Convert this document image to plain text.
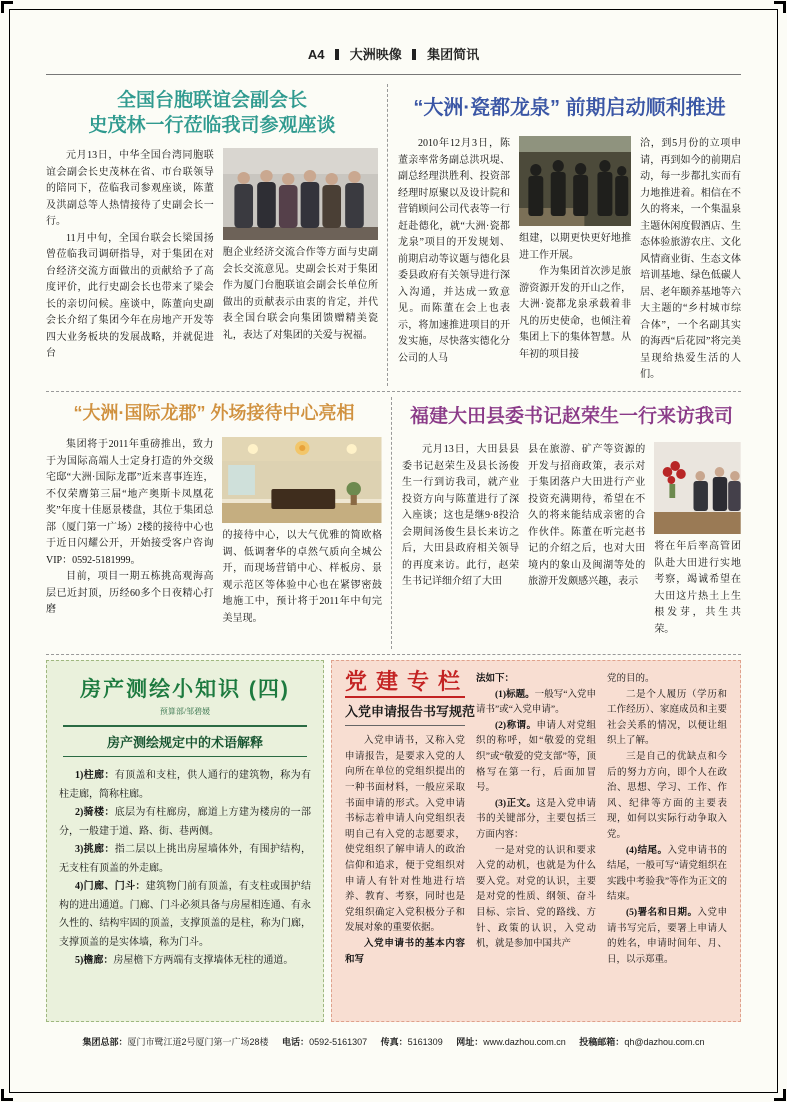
A4 大洲映像 集团简讯
全国台胞联谊会副会长
史茂林一行莅临我司参观座谈

元月13日，中华全国台湾同胞联谊会副会长史茂林在省、市台联领导的陪同下，莅临我司参观座谈，陈董及洪副总等人热情接待了史副会长一行。

11月中旬，全国台联会长梁国扬曾莅临我司调研指导，对于集团在对台经济交流方面做出的贡献给予了高度评价，此行史副会长也带来了梁会长的亲切问候。座谈中，陈董向史副会长介绍了集团今年在房地产开发等四大业务板块的发展战略，并就促进台

胞企业经济交流合作等方面与史副会长交流意见。史副会长对于集团作为厦门台胞联谊会副会长单位所做出的贡献表示由衷的肯定，并代表全国台联会向集团馈赠精美瓷礼，表达了对集团的关爱与祝福。

“大洲·瓷都龙泉” 前期启动顺利推进

2010年12月3日，陈董亲率常务副总洪巩堤、副总经理洪胜利、投资部经理时原聚以及设计院和营销顾问公司代表等一行赶赴德化，就“大洲·瓷都龙泉”项目的开发规划、前期启动等议题与德化县委县政府有关领导进行深入沟通，并达成一致意见。而陈董在会上也表示，将加速推进项目的开发实施，尽快落实德化分公司的人马

组建，以期更快更好地推进工作开展。

作为集团首次涉足旅游资源开发的开山之作，大洲·瓷都龙泉承载着非凡的历史使命，也倾注着集团上下的集体智慧。从年初的项目接

洽，到5月份的立项申请，再到如今的前期启动，每一步都扎实而有力地推进着。相信在不久的将来，一个集温泉主题休闲度假酒店、生态体验旅游农庄、文化风情商业街、生态文体培训基地、绿色低碳人居、老年颐养基地等六大主题的“乡村城市综合体”，一个名副其实的海西“后花园”将完美呈现给热爱生活的人们。

“大洲·国际龙郡” 外场接待中心亮相

集团将于2011年重磅推出，致力于为国际高端人士定身打造的外交级宅邸“大洲·国际龙郡”近来喜事连连，不仅荣膺第三届“地产奥斯卡凤凰花奖”年度十佳愿景楼盘，其位于集团总部（厦门第一广场）2楼的接待中心也于近日闪耀公开，开始接受客户咨询VIP：0592-5181999。

目前，项目一期五栋挑高观海高层已近封顶，历经60多个日夜精心打磨

的接待中心，以大气优雅的简欧格调、低调奢华的卓然气质向全城公开，而现场营销中心、样板房、景观示范区等体验中心也在紧锣密鼓地施工中，预计将于2011年中旬完美呈现。

福建大田县委书记赵荣生一行来访我司

元月13日，大田县县委书记赵荣生及县长汤俊生一行到访我司，就产业投资方向与陈董进行了深入座谈；这也是继9·8投洽会期间汤俊生县长来访之后，大田县政府相关领导的再度来访。此行，赵荣生书记详细介绍了大田

县在旅游、矿产等资源的开发与招商政策，表示对于集团落户大田进行产业投资充满期待，希望在不久的将来能结成亲密的合作伙伴。陈董在听完赵书记的介绍之后，也对大田境内的象山及闽湖等处的旅游开发颇感兴趣，表示

将在年后率高管团队赴大田进行实地考察，竭诚希望在大田这片热土上生根发芽，共生共荣。

房产测绘小知识 (四)
预算部/邹碧媛
房产测绘规定中的术语解释

1)柱廊：有顶盖和支柱，供人通行的建筑物，称为有柱走廊，简称柱廊。

2)骑楼：底层为有柱廊房，廊道上方建为楼房的一部分，一般建于道、路、街、巷两侧。

3)挑廊：指二层以上挑出房屋墙体外，有围护结构，无支柱有顶盖的外走廊。

4)门廊、门斗：建筑物门前有顶盖，有支柱或围护结构的进出通道。门廊、门斗必须具备与房屋相连通、有永久性的、结构牢固的顶盖，支撑顶盖的是柱，称为门廊，支撑顶盖的是实体墙，称为门斗。

5)檐廊：房屋檐下方两端有支撑墙体无柱的通道。

党建专栏
入党申请报告书写规范

入党申请书，又称入党申请报告，是要求入党的人向所在单位的党组织提出的一种书面材料，一般应采取书面申请的形式。入党申请书标志着申请人向党组织表明自己有入党的志愿要求，使党组织了解申请人的政治信仰和追求，便于党组织对申请人有针对性地进行培养、教育、考察，同时也是党组织确定入党积极分子和发展对象的重要依据。

入党申请书的基本内容和写

法如下：

(1)标题。一般写“入党申请书”或“入党申请”。

(2)称谓。申请人对党组织的称呼，如“敬爱的党组织”或“敬爱的党支部”等，顶格写在第一行，后面加冒号。

(3)正文。这是入党申请书的关键部分，主要包括三方面内容：

一是对党的认识和要求入党的动机，也就是为什么要入党。对党的认识，主要是对党的性质、纲领、奋斗目标、宗旨、党的路线、方针、政策的认识，入党动机，就是参加中国共产

党的目的。

二是个人履历（学历和工作经历）、家庭成员和主要社会关系的情况，以便让组织上了解。

三是自己的优缺点和今后的努力方向，即个人在政治、思想、学习、工作、作风、纪律等方面的主要表现，如何以实际行动争取入党。

(4)结尾。入党申请书的结尾，一般可写“请党组织在实践中考验我”等作为正文的结束。

(5)署名和日期。入党申请书写完后，要署上申请人的姓名，申请时间年、月、日，以示郑重。

集团总部：厦门市鹭江道2号厦门第一广场28楼 电话：0592-5161307 传真：5161309 网址：www.dazhou.com.cn 投稿邮箱：qh@dazhou.com.cn
